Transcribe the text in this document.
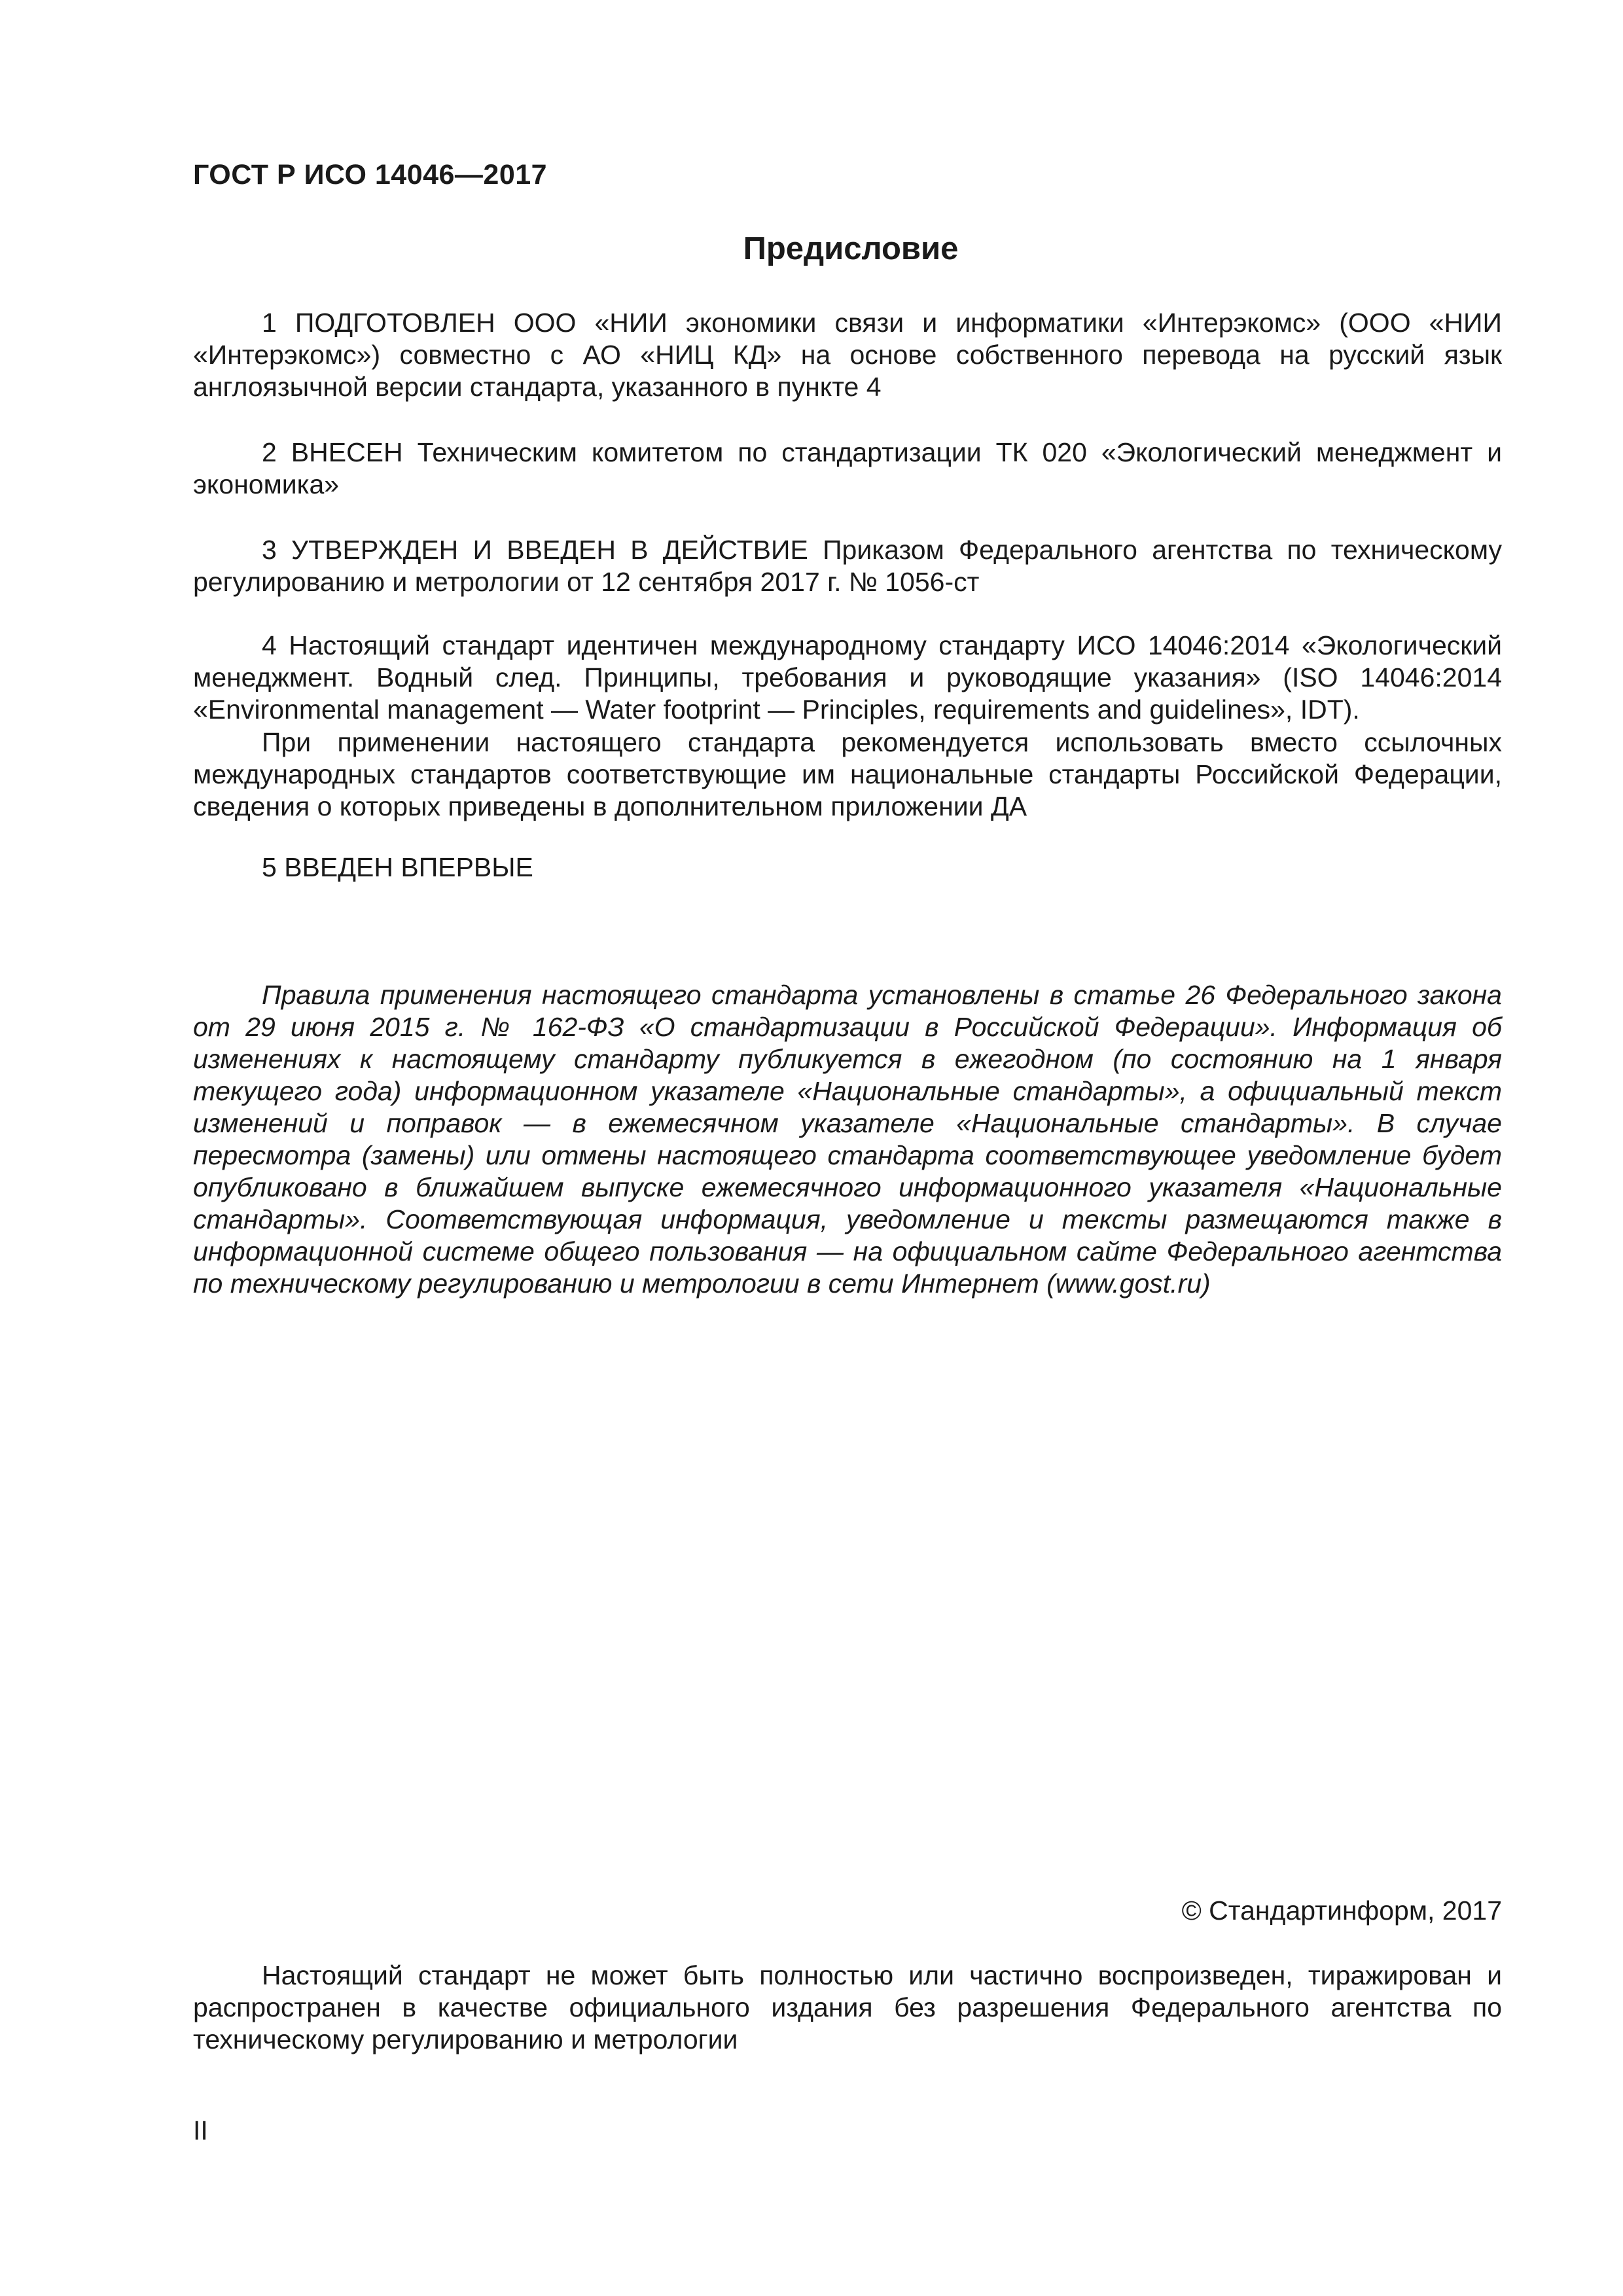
ГОСТ Р ИСО 14046—2017
Предисловие

1 ПОДГОТОВЛЕН ООО «НИИ экономики связи и информатики «Интерэкомс» (ООО «НИИ «Интерэкомс») совместно с АО «НИЦ КД» на основе собственного перевода на русский язык англоязычной версии стандарта, указанного в пункте 4

2 ВНЕСЕН Техническим комитетом по стандартизации ТК 020 «Экологический менеджмент и экономика»

3 УТВЕРЖДЕН И ВВЕДЕН В ДЕЙСТВИЕ Приказом Федерального агентства по техническому регулированию и метрологии от 12 сентября 2017 г. № 1056-ст

4 Настоящий стандарт идентичен международному стандарту ИСО 14046:2014 «Экологический менеджмент. Водный след. Принципы, требования и руководящие указания» (ISO 14046:2014 «Environmental management — Water footprint — Principles, requirements and guidelines», IDT).

При применении настоящего стандарта рекомендуется использовать вместо ссылочных международных стандартов соответствующие им национальные стандарты Российской Федерации, сведения о которых приведены в дополнительном приложении ДА

5 ВВЕДЕН ВПЕРВЫЕ

Правила применения настоящего стандарта установлены в статье 26 Федерального закона от 29 июня 2015 г. № 162-ФЗ «О стандартизации в Российской Федерации». Информация об изменениях к настоящему стандарту публикуется в ежегодном (по состоянию на 1 января текущего года) информационном указателе «Национальные стандарты», а официальный текст изменений и поправок — в ежемесячном указателе «Национальные стандарты». В случае пересмотра (замены) или отмены настоящего стандарта соответствующее уведомление будет опубликовано в ближайшем выпуске ежемесячного информационного указателя «Национальные стандарты». Соответствующая информация, уведомление и тексты размещаются также в информационной системе общего пользования — на официальном сайте Федерального агентства по техническому регулированию и метрологии в сети Интернет (www.gost.ru)

© Стандартинформ, 2017

Настоящий стандарт не может быть полностью или частично воспроизведен, тиражирован и распространен в качестве официального издания без разрешения Федерального агентства по техническому регулированию и метрологии

II
